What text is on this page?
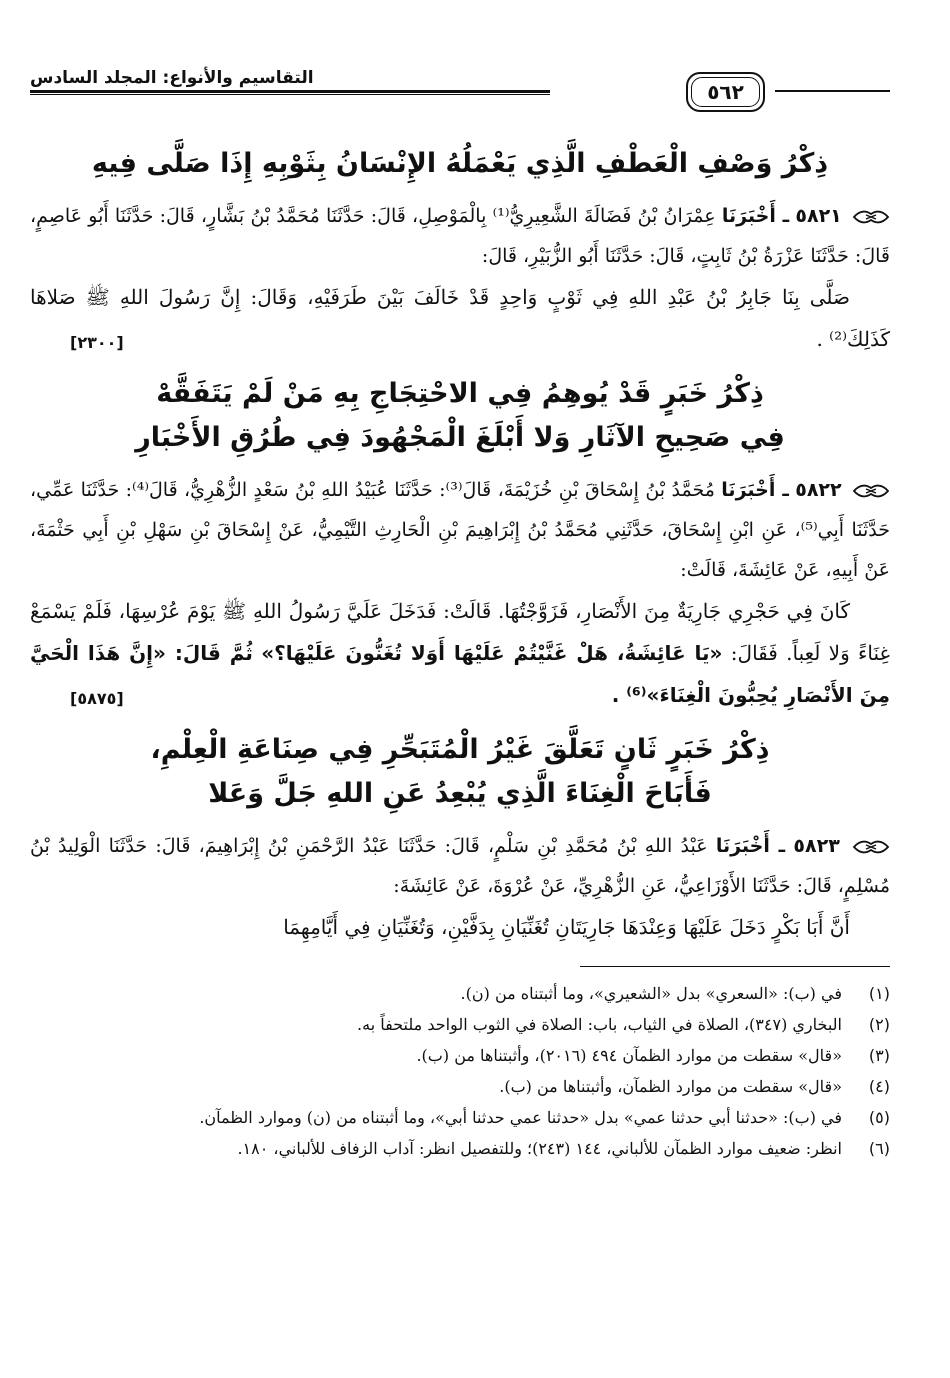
٥٦٢
التقاسيم والأنواع: المجلد السادس
ذِكْرُ وَصْفِ الْعَطْفِ الَّذِي يَعْمَلُهُ الإِنْسَانُ بِثَوْبِهِ إِذَا صَلَّى فِيهِ

٥٨٢١ ـ أَخْبَرَنَا عِمْرَانُ بْنُ فَضَالَةَ الشَّعِيرِيُّ⁽¹⁾ بِالْمَوْصِلِ، قَالَ: حَدَّثَنَا مُحَمَّدُ بْنُ بَشَّارٍ، قَالَ: حَدَّثَنَا أَبُو عَاصِمٍ، قَالَ: حَدَّثَنَا عَزْرَةُ بْنُ ثَابِتٍ، قَالَ: حَدَّثَنَا أَبُو الزُّبَيْرِ، قَالَ:

صَلَّى بِنَا جَابِرُ بْنُ عَبْدِ اللهِ فِي ثَوْبٍ وَاحِدٍ قَدْ خَالَفَ بَيْنَ طَرَفَيْهِ، وَقَالَ: إِنَّ رَسُولَ اللهِ ﷺ صَلاهَا كَذَلِكَ⁽²⁾ .
[٢٣٠٠]

ذِكْرُ خَبَرٍ قَدْ يُوهِمُ فِي الاحْتِجَاجِ بِهِ مَنْ لَمْ يَتَفَقَّهْ
فِي صَحِيحِ الآثَارِ وَلا أَبْلَغَ الْمَجْهُودَ فِي طُرُقِ الأَخْبَارِ

٥٨٢٢ ـ أَخْبَرَنَا مُحَمَّدُ بْنُ إِسْحَاقَ بْنِ خُزَيْمَةَ، قَالَ⁽³⁾: حَدَّثَنَا عُبَيْدُ اللهِ بْنُ سَعْدٍ الزُّهْرِيُّ، قَالَ⁽⁴⁾: حَدَّثَنَا عَمِّي، حَدَّثَنَا أَبِي⁽⁵⁾، عَنِ ابْنِ إِسْحَاقَ، حَدَّثَنِي مُحَمَّدُ بْنُ إِبْرَاهِيمَ بْنِ الْحَارِثِ التَّيْمِيُّ، عَنْ إِسْحَاقَ بْنِ سَهْلِ بْنِ أَبِي حَثْمَةَ، عَنْ أَبِيهِ، عَنْ عَائِشَةَ، قَالَتْ:

كَانَ فِي حَجْرِي جَارِيَةٌ مِنَ الأَنْصَارِ، فَزَوَّجْتُهَا. قَالَتْ: فَدَخَلَ عَلَيَّ رَسُولُ اللهِ ﷺ يَوْمَ عُرْسِهَا، فَلَمْ يَسْمَعْ غِنَاءً وَلا لَعِباً. فَقَالَ: «يَا عَائِشَةُ، هَلْ غَنَّيْتُمْ عَلَيْهَا أَوَلا تُغَنُّونَ عَلَيْهَا؟» ثُمَّ قَالَ: «إِنَّ هَذَا الْحَيَّ مِنَ الأَنْصَارِ يُحِبُّونَ الْغِنَاءَ»⁽⁶⁾ .
[٥٨٧٥]

ذِكْرُ خَبَرٍ ثَانٍ تَعَلَّقَ غَيْرُ الْمُتَبَحِّرِ فِي صِنَاعَةِ الْعِلْمِ،
فَأَبَاحَ الْغِنَاءَ الَّذِي يُبْعِدُ عَنِ اللهِ جَلَّ وَعَلا

٥٨٢٣ ـ أَخْبَرَنَا عَبْدُ اللهِ بْنُ مُحَمَّدِ بْنِ سَلْمٍ، قَالَ: حَدَّثَنَا عَبْدُ الرَّحْمَنِ بْنُ إِبْرَاهِيمَ، قَالَ: حَدَّثَنَا الْوَلِيدُ بْنُ مُسْلِمٍ، قَالَ: حَدَّثَنَا الأَوْزَاعِيُّ، عَنِ الزُّهْرِيِّ، عَنْ عُرْوَةَ، عَنْ عَائِشَةَ:

أَنَّ أَبَا بَكْرٍ دَخَلَ عَلَيْهَا وَعِنْدَهَا جَارِيَتَانِ تُغَنِّيَانِ بِدَفَّيْنِ، وَتُغَنِّيَانِ فِي أَيَّامِهِمَا

(١)
في (ب): «السعري» بدل «الشعيري»، وما أثبتناه من (ن).
(٢)
البخاري (٣٤٧)، الصلاة في الثياب، باب: الصلاة في الثوب الواحد ملتحفاً به.
(٣)
«قال» سقطت من موارد الظمآن ٤٩٤ (٢٠١٦)، وأثبتناها من (ب).
(٤)
«قال» سقطت من موارد الظمآن، وأثبتناها من (ب).
(٥)
في (ب): «حدثنا أبي حدثنا عمي» بدل «حدثنا عمي حدثنا أبي»، وما أثبتناه من (ن) وموارد الظمآن.
(٦)
انظر: ضعيف موارد الظمآن للألباني، ١٤٤ (٢٤٣)؛ وللتفصيل انظر: آداب الزفاف للألباني، ١٨٠.
